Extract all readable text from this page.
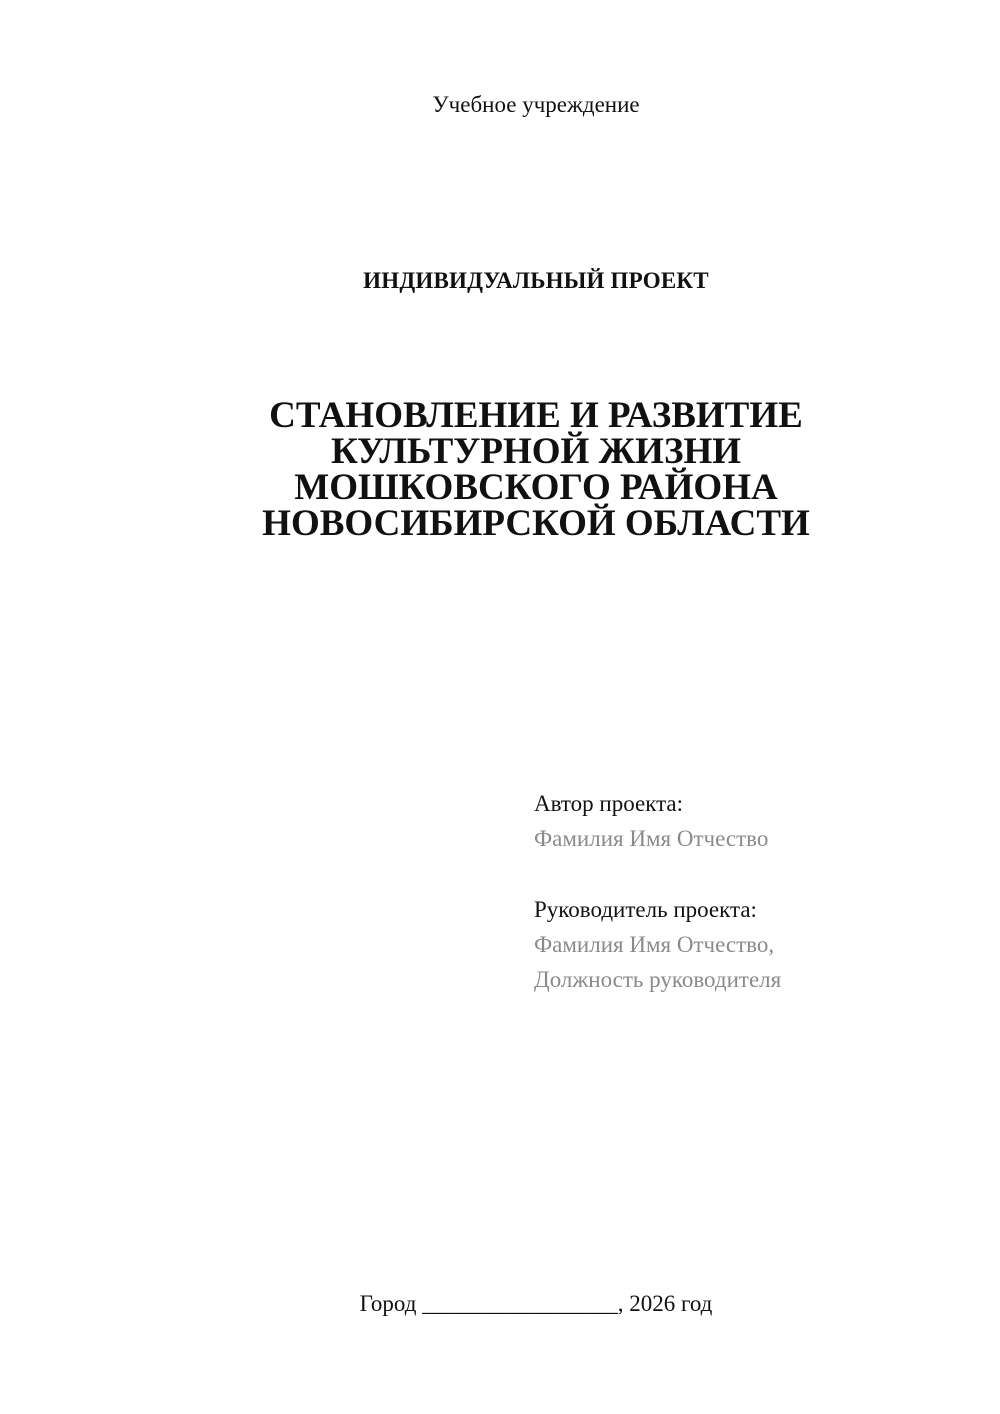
Учебное учреждение
ИНДИВИДУАЛЬНЫЙ ПРОЕКТ
СТАНОВЛЕНИЕ И РАЗВИТИЕ
КУЛЬТУРНОЙ ЖИЗНИ
МОШКОВСКОГО РАЙОНА
НОВОСИБИРСКОЙ ОБЛАСТИ
Автор проекта:
Фамилия Имя Отчество
Руководитель проекта:
Фамилия Имя Отчество,
Должность руководителя
Город _________________, 2026 год
